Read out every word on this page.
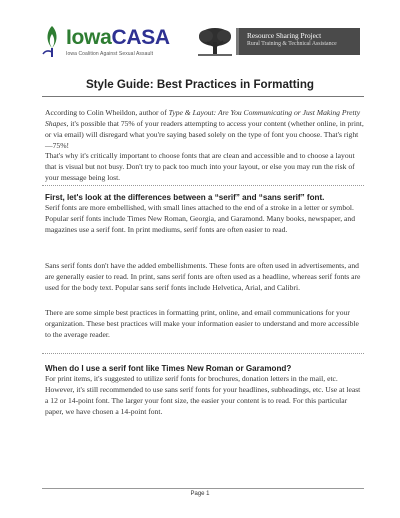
IowaCASA
Iowa Coalition Against Sexual Assault
Resource Sharing Project
Rural Training & Technical Assistance
Style Guide: Best Practices in Formatting
According to Colin Wheildon, author of Type & Layout: Are You Communicating or Just Making Pretty Shapes, it's possible that 75% of your readers attempting to access your content (whether online, in print, or via email) will disregard what you're saying based solely on the type of font you choose. That's right—75%!
That's why it's critically important to choose fonts that are clean and accessible and to choose a layout that is visual but not busy. Don't try to pack too much into your layout, or else you may run the risk of your message being lost.
First, let's look at the differences between a “serif” and “sans serif” font.
Serif fonts are more embellished, with small lines attached to the end of a stroke in a letter or symbol. Popular serif fonts include Times New Roman, Georgia, and Garamond. Many books, newspaper, and magazines use a serif font. In print mediums, serif fonts are often easier to read.
Sans serif fonts don't have the added embellishments. These fonts are often used in advertisements, and are generally easier to read. In print, sans serif fonts are often used as a headline, whereas serif fonts are used for the body text. Popular sans serif fonts include Helvetica, Arial, and Calibri.
There are some simple best practices in formatting print, online, and email communications for your organization. These best practices will make your information easier to understand and more accessible to the average reader.
When do I use a serif font like Times New Roman or Garamond?
For print items, it's suggested to utilize serif fonts for brochures, donation letters in the mail, etc. However, it's still recommended to use sans serif fonts for your headlines, subheadings, etc. Use at least a 12 or 14-point font. The larger your font size, the easier your content is to read. For this particular paper, we have chosen a 14-point font.
Page 1
